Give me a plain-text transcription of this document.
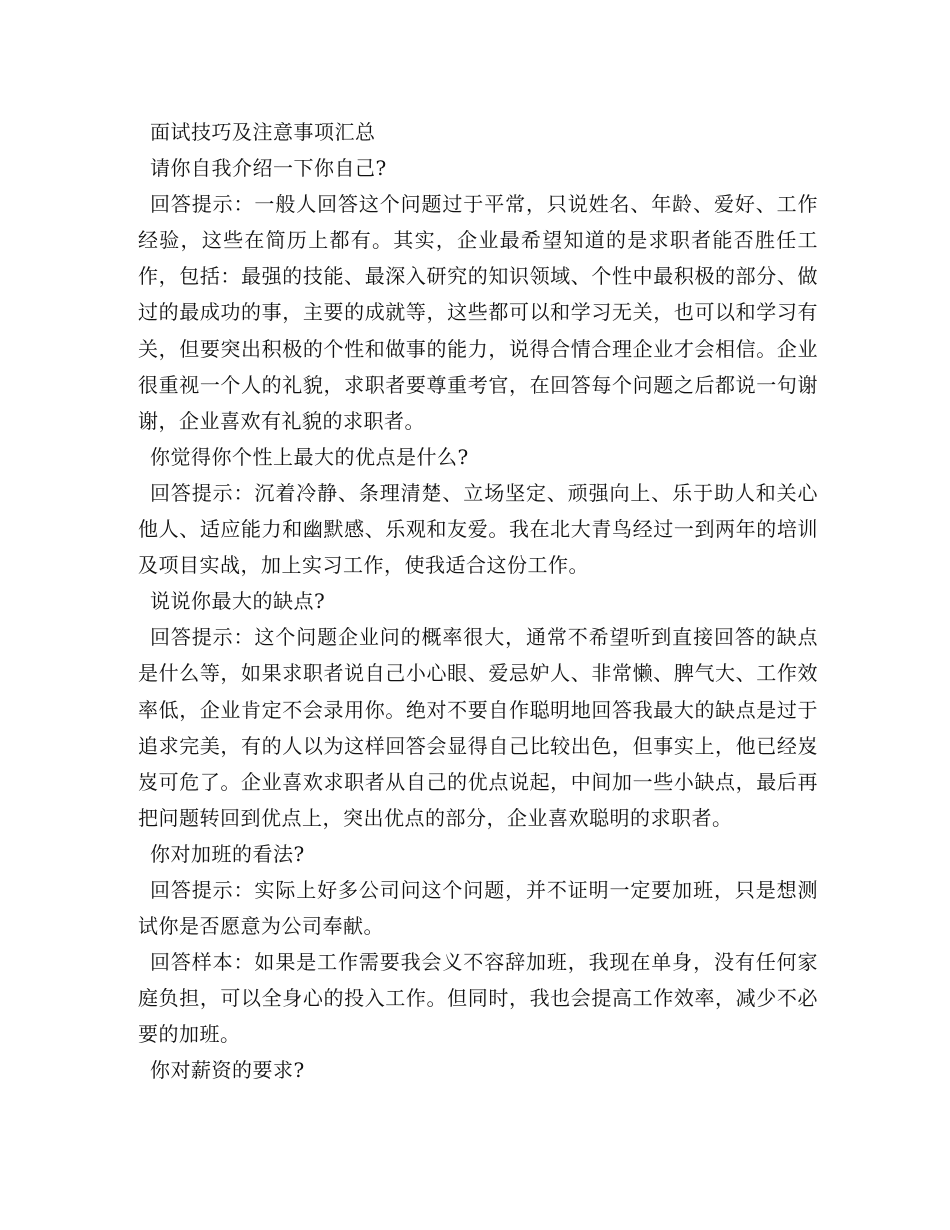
面试技巧及注意事项汇总

请你自我介绍一下你自己?

回答提示：一般人回答这个问题过于平常，只说姓名、年龄、爱好、工作经验，这些在简历上都有。其实，企业最希望知道的是求职者能否胜任工作，包括：最强的技能、最深入研究的知识领域、个性中最积极的部分、做过的最成功的事，主要的成就等，这些都可以和学习无关，也可以和学习有关，但要突出积极的个性和做事的能力，说得合情合理企业才会相信。企业很重视一个人的礼貌，求职者要尊重考官，在回答每个问题之后都说一句谢谢，企业喜欢有礼貌的求职者。

你觉得你个性上最大的优点是什么?

回答提示：沉着冷静、条理清楚、立场坚定、顽强向上、乐于助人和关心他人、适应能力和幽默感、乐观和友爱。我在北大青鸟经过一到两年的培训及项目实战，加上实习工作，使我适合这份工作。

说说你最大的缺点?

回答提示：这个问题企业问的概率很大，通常不希望听到直接回答的缺点是什么等，如果求职者说自己小心眼、爱忌妒人、非常懒、脾气大、工作效率低，企业肯定不会录用你。绝对不要自作聪明地回答我最大的缺点是过于追求完美，有的人以为这样回答会显得自己比较出色，但事实上，他已经岌岌可危了。企业喜欢求职者从自己的优点说起，中间加一些小缺点，最后再把问题转回到优点上，突出优点的部分，企业喜欢聪明的求职者。

你对加班的看法?

回答提示：实际上好多公司问这个问题，并不证明一定要加班，只是想测试你是否愿意为公司奉献。

回答样本：如果是工作需要我会义不容辞加班，我现在单身，没有任何家庭负担，可以全身心的投入工作。但同时，我也会提高工作效率，减少不必要的加班。

你对薪资的要求?
